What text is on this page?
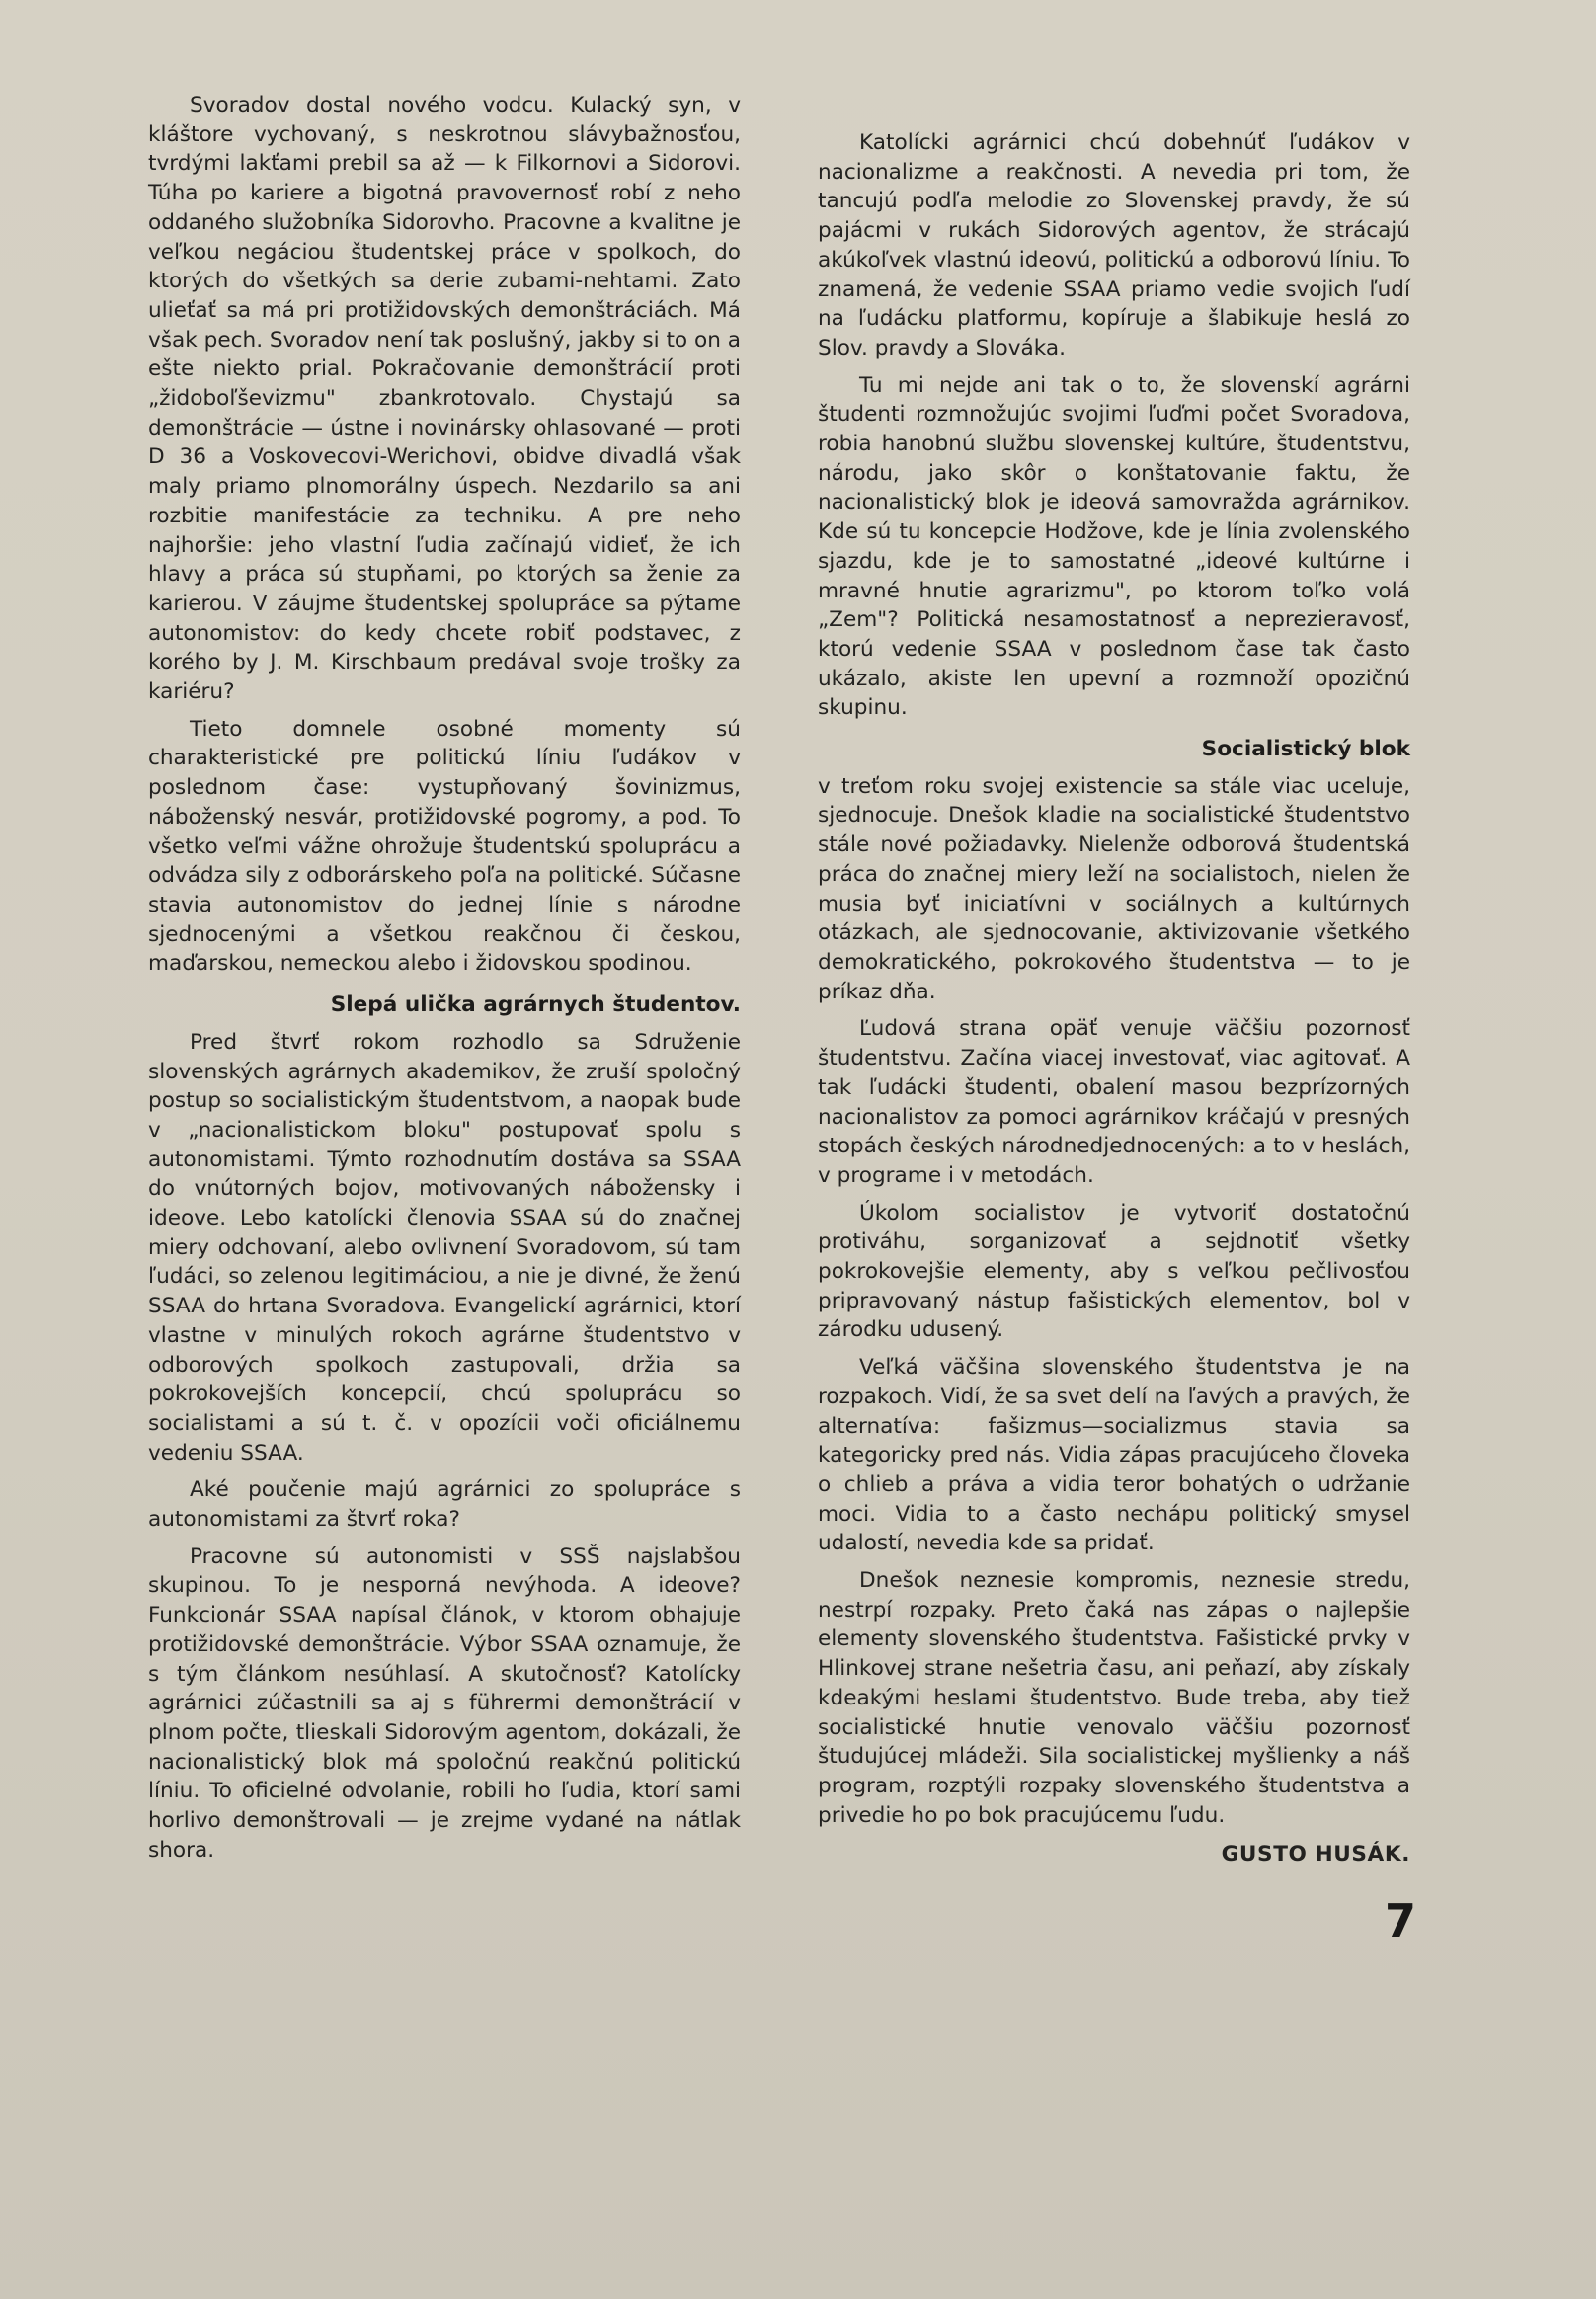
Svoradov dostal nového vodcu. Kulacký syn, v kláštore vychovaný, s neskrotnou slávybažnosťou, tvrdými lakťami prebil sa až — k Filkornovi a Sidorovi. Túha po kariere a bigotná pravovernosť robí z neho oddaného služobníka Sidorovho. Pracovne a kvalitne je veľkou negáciou študentskej práce v spolkoch, do ktorých do všetkých sa derie zubami-nehtami. Zato ulieťať sa má pri protižidovských demonštráciách. Má však pech. Svoradov není tak poslušný, jakby si to on a ešte niekto prial. Pokračovanie demonštrácií proti „židoboľševizmu" zbankrotovalo. Chystajú sa demonštrácie — ústne i novinársky ohlasované — proti D 36 a Voskovecovi-Werichovi, obidve divadlá však maly priamo plnomorálny úspech. Nezdarilo sa ani rozbitie manifestácie za techniku. A pre neho najhoršie: jeho vlastní ľudia začínajú vidieť, že ich hlavy a práca sú stupňami, po ktorých sa ženie za karierou. V záujme študentskej spolupráce sa pýtame autonomistov: do kedy chcete robiť podstavec, z korého by J. M. Kirschbaum predával svoje trošky za kariéru?

Tieto domnele osobné momenty sú charakteristické pre politickú líniu ľudákov v poslednom čase: vystupňovaný šovinizmus, náboženský nesvár, protižidovské pogromy, a pod. To všetko veľmi vážne ohrožuje študentskú spoluprácu a odvádza sily z odborárskeho poľa na politické. Súčasne stavia autonomistov do jednej línie s národne sjednocenými a všetkou reakčnou či českou, maďarskou, nemeckou alebo i židovskou spodinou.

Slepá ulička agrárnych študentov.

Pred štvrť rokom rozhodlo sa Sdruženie slovenských agrárnych akademikov, že zruší spoločný postup so socialistickým študentstvom, a naopak bude v „nacionalistickom bloku" postupovať spolu s autonomistami. Týmto rozhodnutím dostáva sa SSAA do vnútorných bojov, motivovaných nábožensky i ideove. Lebo katolícki členovia SSAA sú do značnej miery odchovaní, alebo ovlivnení Svoradovom, sú tam ľudáci, so zelenou legitimáciou, a nie je divné, že ženú SSAA do hrtana Svoradova. Evangelickí agrárnici, ktorí vlastne v minulých rokoch agrárne študentstvo v odborových spolkoch zastupovali, držia sa pokrokovejších koncepcií, chcú spoluprácu so socialistami a sú t. č. v opozícii voči oficiálnemu vedeniu SSAA.

Aké poučenie majú agrárnici zo spolupráce s autonomistami za štvrť roka?

Pracovne sú autonomisti v SSŠ najslabšou skupinou. To je nesporná nevýhoda. A ideove? Funkcionár SSAA napísal článok, v ktorom obhajuje protižidovské demonštrácie. Výbor SSAA oznamuje, že s tým článkom nesúhlasí. A skutočnosť? Katolícky agrárnici zúčastnili sa aj s führermi demonštrácií v plnom počte, tlieskali Sidorovým agentom, dokázali, že nacionalistický blok má spoločnú reakčnú politickú líniu. To oficielné odvolanie, robili ho ľudia, ktorí sami horlivo demonštrovali — je zrejme vydané na nátlak shora.

Katolícki agrárnici chcú dobehnúť ľudákov v nacionalizme a reakčnosti. A nevedia pri tom, že tancujú podľa melodie zo Slovenskej pravdy, že sú pajácmi v rukách Sidorových agentov, že strácajú akúkoľvek vlastnú ideovú, politickú a odborovú líniu. To znamená, že vedenie SSAA priamo vedie svojich ľudí na ľudácku platformu, kopíruje a šlabikuje heslá zo Slov. pravdy a Slováka.

Tu mi nejde ani tak o to, že slovenskí agrárni študenti rozmnožujúc svojimi ľuďmi počet Svoradova, robia hanobnú službu slovenskej kultúre, študentstvu, národu, jako skôr o konštatovanie faktu, že nacionalistický blok je ideová samovražda agrárnikov. Kde sú tu koncepcie Hodžove, kde je línia zvolenského sjazdu, kde je to samostatné „ideové kultúrne i mravné hnutie agrarizmu", po ktorom toľko volá „Zem"? Politická nesamostatnosť a neprezieravosť, ktorú vedenie SSAA v poslednom čase tak často ukázalo, akiste len upevní a rozmnoží opozičnú skupinu.

Socialistický blok

v treťom roku svojej existencie sa stále viac uceluje, sjednocuje. Dnešok kladie na socialistické študentstvo stále nové požiadavky. Nielenže odborová študentská práca do značnej miery leží na socialistoch, nielen že musia byť iniciatívni v sociálnych a kultúrnych otázkach, ale sjednocovanie, aktivizovanie všetkého demokratického, pokrokového študentstva — to je príkaz dňa.

Ľudová strana opäť venuje väčšiu pozornosť študentstvu. Začína viacej investovať, viac agitovať. A tak ľudácki študenti, obalení masou bezprízorných nacionalistov za pomoci agrárnikov kráčajú v presných stopách českých národnedjednocených: a to v heslách, v programe i v metodách.

Úkolom socialistov je vytvoriť dostatočnú protiváhu, sorganizovať a sejdnotiť všetky pokrokovejšie elementy, aby s veľkou pečlivosťou pripravovaný nástup fašistických elementov, bol v zárodku udusený.

Veľká väčšina slovenského študentstva je na rozpakoch. Vidí, že sa svet delí na ľavých a pravých, že alternatíva: fašizmus—socializmus stavia sa kategoricky pred nás. Vidia zápas pracujúceho človeka o chlieb a práva a vidia teror bohatých o udržanie moci. Vidia to a často nechápu politický smysel udalostí, nevedia kde sa pridať.

Dnešok neznesie kompromis, neznesie stredu, nestrpí rozpaky. Preto čaká nas zápas o najlepšie elementy slovenského študentstva. Fašistické prvky v Hlinkovej strane nešetria času, ani peňazí, aby získaly kdeakými heslami študentstvo. Bude treba, aby tiež socialistické hnutie venovalo väčšiu pozornosť študujúcej mládeži. Sila socialistickej myšlienky a náš program, rozptýli rozpaky slovenského študentstva a privedie ho po bok pracujúcemu ľudu.

GUSTO HUSÁK.
7
